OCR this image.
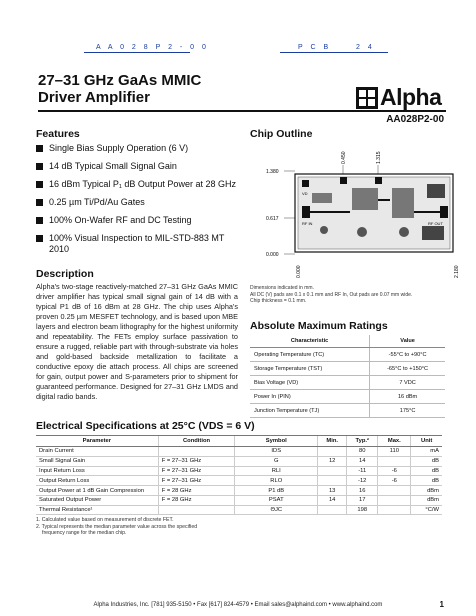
A A 0 2 8 P 2 - 0 0	P C B	2 4
27–31 GHz GaAs MMIC
Driver Amplifier	Alpha
AA028P2-00
Features
Single Bias Supply Operation (6 V)
14 dB Typical Small Signal Gain
16 dBm Typical P₁ dB Output Power at 28 GHz
0.25 µm Ti/Pd/Au Gates
100% On-Wafer RF and DC Testing
100% Visual Inspection to MIL-STD-883 MT 2010
Description

Alpha's two-stage reactively-matched 27–31 GHz GaAs MMIC driver amplifier has typical small signal gain of 14 dB with a typical P1 dB of 16 dBm at 28 GHz. The chip uses Alpha's proven 0.25 µm MESFET technology, and is based upon MBE layers and electron beam lithography for the highest uniformity and repeatability. The FETs employ surface passivation to ensure a rugged, reliable part with through-substrate via holes and gold-based backside metallization to facilitate a conductive epoxy die attach process. All chips are screened for gain, output power and S-parameters prior to shipment for guaranteed performance. Designed for 27–31 GHz LMDS and digital radio bands.

Chip Outline
1.380
0.617
0.000
0.450	1.315
VD
RF IN	RF OUT
0.000	2.180
Dimensions indicated in mm.
All DC (V) pads are 0.1 x 0.1 mm and RF In, Out pads are 0.07 mm wide.
Chip thickness = 0.1 mm.
Absolute Maximum Ratings
Characteristic	Value
Operating Temperature (TC)	-55°C to +90°C
Storage Temperature (TST)	-65°C to +150°C
Bias Voltage (VD)	7 VDC
Power In (PIN)	16 dBm
Junction Temperature (TJ)	175°C
Electrical Specifications at 25°C (VDS = 6 V)
Parameter	Condition	Symbol	Min.	Typ.²	Max.	Unit
Drain Current		IDS		80	110	mA
Small Signal Gain	F = 27–31 GHz	G	12	14		dB
Input Return Loss	F = 27–31 GHz	RLI		-11	-6	dB
Output Return Loss	F = 27–31 GHz	RLO		-12	-6	dB
Output Power at 1 dB Gain Compression	F = 28 GHz	P1 dB	13	16		dBm
Saturated Output Power	F = 28 GHz	PSAT	14	17		dBm
Thermal Resistance¹		ΘJC		198		°C/W
1. Calculated value based on measurement of discrete FET.
2. Typical represents the median parameter value across the specified
frequency range for the median chip.
Alpha Industries, Inc. [781] 935-5150 • Fax [617] 824-4579 • Email sales@alphaind.com • www.alphaind.com	1
